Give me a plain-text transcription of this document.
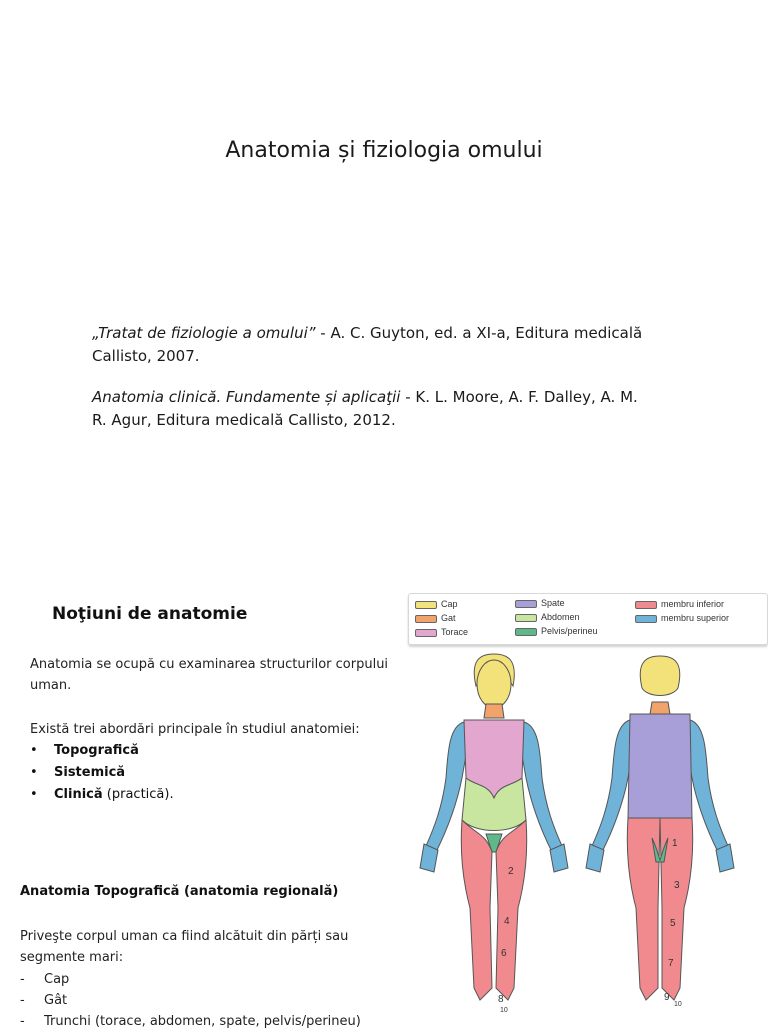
Anatomia și fiziologia omului

„Tratat de fiziologie a omului” - A. C. Guyton, ed. a XI-a, Editura medicală Callisto, 2007.

Anatomia clinică. Fundamente și aplicaţii - K. L. Moore, A. F. Dalley, A. M. R. Agur, Editura medicală Callisto, 2012.

Noţiuni de anatomie
Anatomia se ocupă cu examinarea structurilor corpului uman.
Există trei abordări principale în studiul anatomiei:
• Topografică
• Sistemică
• Clinică (practică).
Anatomia Topografică (anatomia regională)
Priveşte corpul uman ca fiind alcătuit din părți sau segmente mari:
- Cap
- Gât
- Trunchi (torace, abdomen, spate, pelvis/perineu)
Cap
Gat
Torace
Spate
Abdomen
Pelvis/perineu
membru inferior
membru superior
2
4
6
8
10
1
3
5
7
9
10
